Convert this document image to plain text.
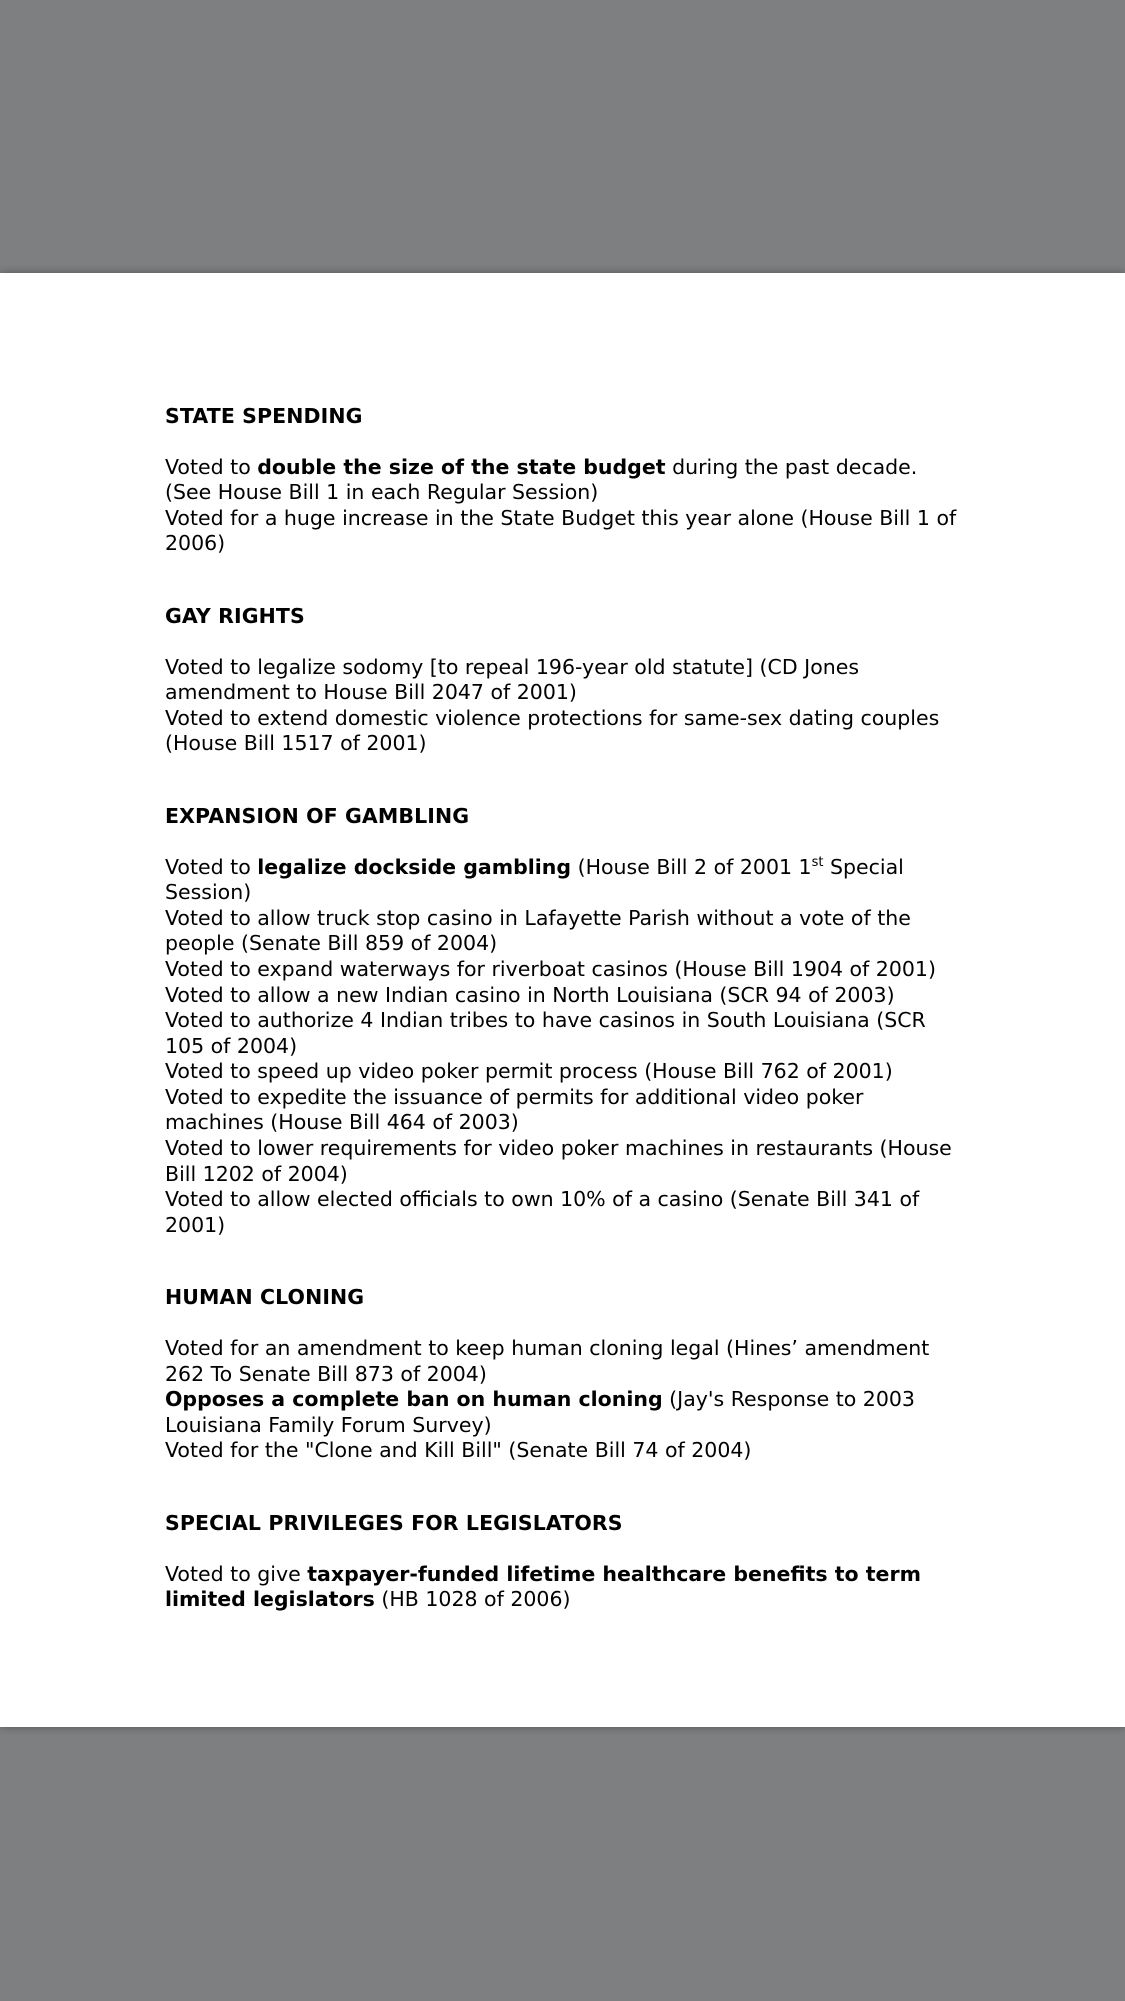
STATE SPENDING

Voted to double the size of the state budget during the past decade. (See House Bill 1 in each Regular Session)

Voted for a huge increase in the State Budget this year alone (House Bill 1 of 2006)

GAY RIGHTS

Voted to legalize sodomy [to repeal 196-year old statute] (CD Jones amendment to House Bill 2047 of 2001)

Voted to extend domestic violence protections for same-sex dating couples (House Bill 1517 of 2001)

EXPANSION OF GAMBLING

Voted to legalize dockside gambling (House Bill 2 of 2001 1st Special Session)

Voted to allow truck stop casino in Lafayette Parish without a vote of the people (Senate Bill 859 of 2004)

Voted to expand waterways for riverboat casinos (House Bill 1904 of 2001)

Voted to allow a new Indian casino in North Louisiana (SCR 94 of 2003)

Voted to authorize 4 Indian tribes to have casinos in South Louisiana (SCR 105 of 2004)

Voted to speed up video poker permit process (House Bill 762 of 2001)

Voted to expedite the issuance of permits for additional video poker machines (House Bill 464 of 2003)

Voted to lower requirements for video poker machines in restaurants (House Bill 1202 of 2004)

Voted to allow elected officials to own 10% of a casino (Senate Bill 341 of 2001)

HUMAN CLONING

Voted for an amendment to keep human cloning legal (Hines’ amendment 262 To Senate Bill 873 of 2004)

Opposes a complete ban on human cloning (Jay's Response to 2003 Louisiana Family Forum Survey)

Voted for the "Clone and Kill Bill" (Senate Bill 74 of 2004)

SPECIAL PRIVILEGES FOR LEGISLATORS

Voted to give taxpayer-funded lifetime healthcare benefits to term limited legislators (HB 1028 of 2006)
